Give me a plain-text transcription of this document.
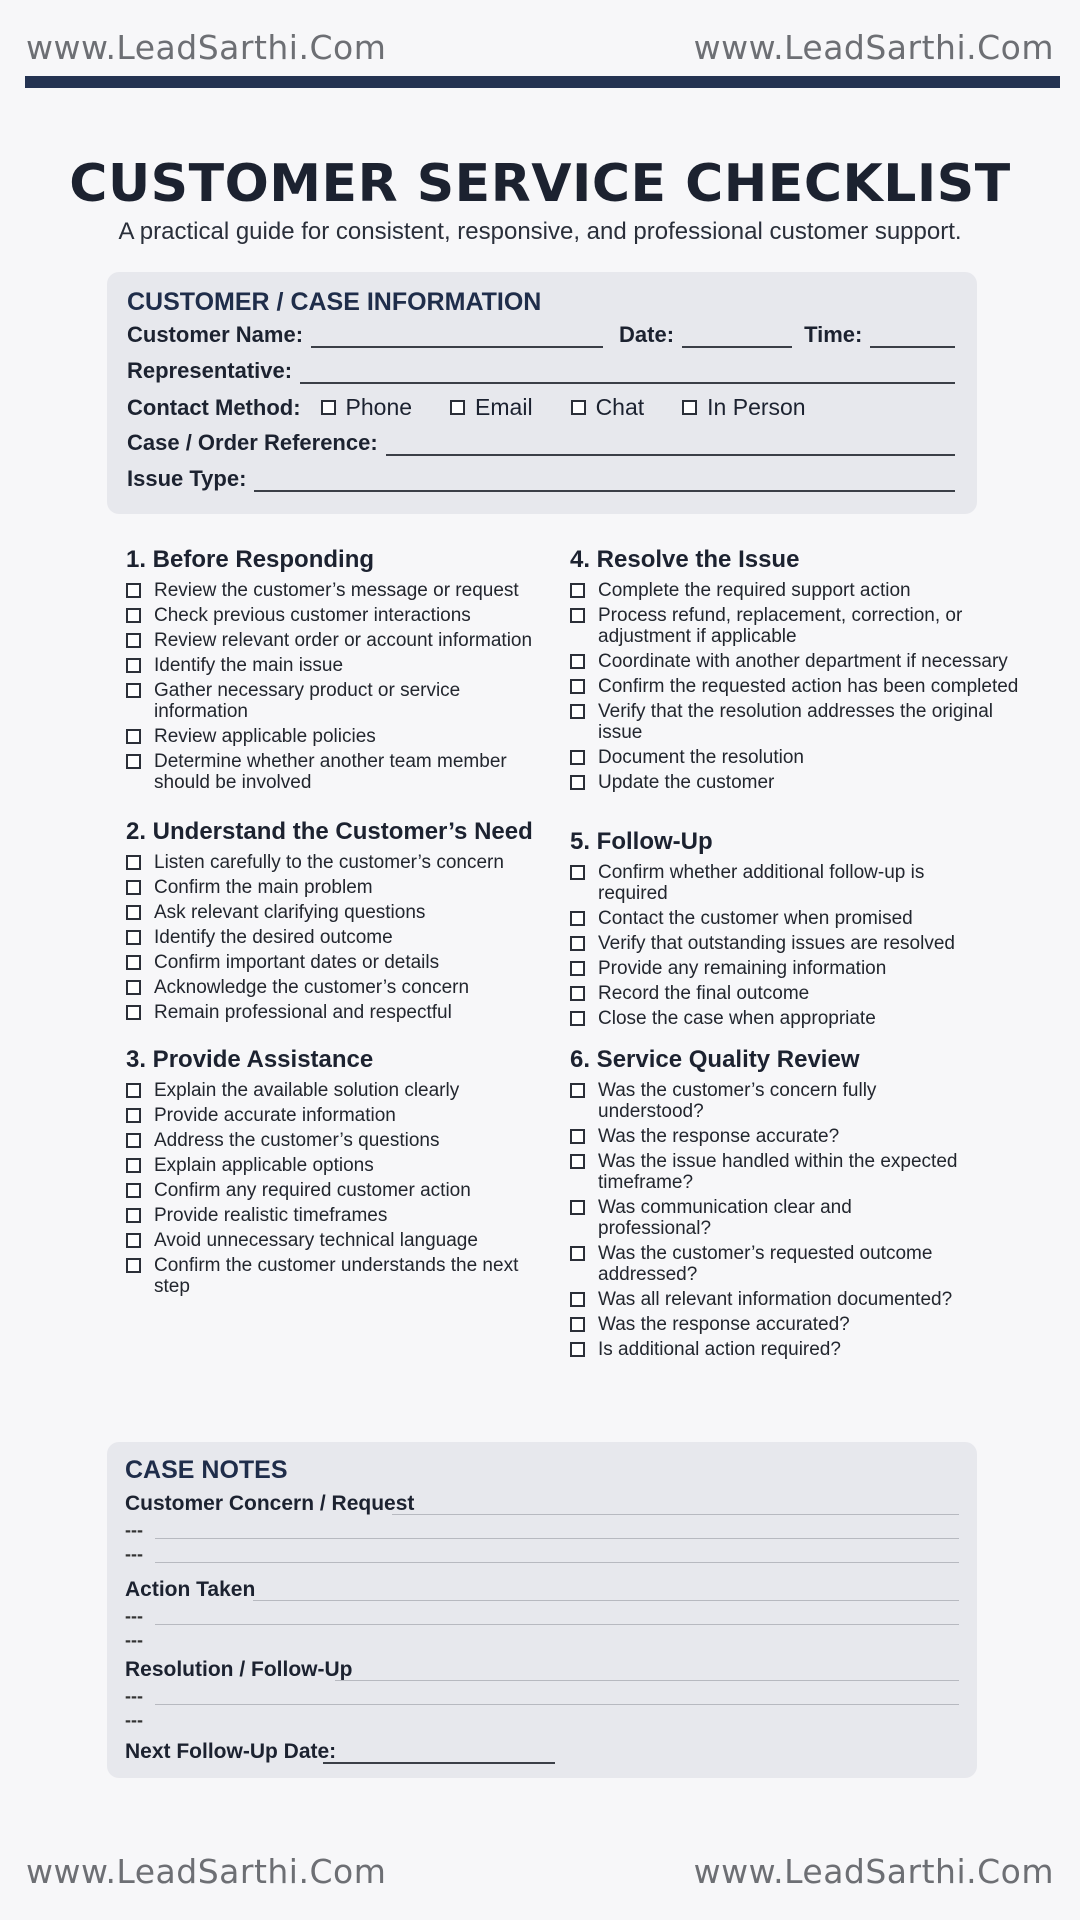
www.LeadSarthi.Com	www.LeadSarthi.Com
CUSTOMER SERVICE CHECKLIST
A practical guide for consistent, responsive, and professional customer support.
CUSTOMER / CASE INFORMATION
Customer Name:	Date:	Time:
Representative:
Contact Method: Phone	Email	Chat	In Person
Case / Order Reference:
Issue Type:
1. Before Responding
Review the customer’s message or request
Check previous customer interactions
Review relevant order or account information
Identify the main issue
Gather necessary product or service information
Review applicable policies
Determine whether another team member should be involved
2. Understand the Customer’s Need
Listen carefully to the customer’s concern
Confirm the main problem
Ask relevant clarifying questions
Identify the desired outcome
Confirm important dates or details
Acknowledge the customer’s concern
Remain professional and respectful
3. Provide Assistance
Explain the available solution clearly
Provide accurate information
Address the customer’s questions
Explain applicable options
Confirm any required customer action
Provide realistic timeframes
Avoid unnecessary technical language
Confirm the customer understands the next step
4. Resolve the Issue
Complete the required support action
Process refund, replacement, correction, or adjustment if applicable
Coordinate with another department if necessary
Confirm the requested action has been completed
Verify that the resolution addresses the original issue
Document the resolution
Update the customer
5. Follow-Up
Confirm whether additional follow-up is required
Contact the customer when promised
Verify that outstanding issues are resolved
Provide any remaining information
Record the final outcome
Close the case when appropriate
6. Service Quality Review
Was the customer’s concern fully understood?
Was the response accurate?
Was the issue handled within the expected timeframe?
Was communication clear and professional?
Was the customer’s requested outcome addressed?
Was all relevant information documented?
Was the response accurated?
Is additional action required?
CASE NOTES
Customer Concern / Request
---
---
Action Taken
---
---
Resolution / Follow-Up
---
---
Next Follow-Up Date:
www.LeadSarthi.Com	www.LeadSarthi.Com
